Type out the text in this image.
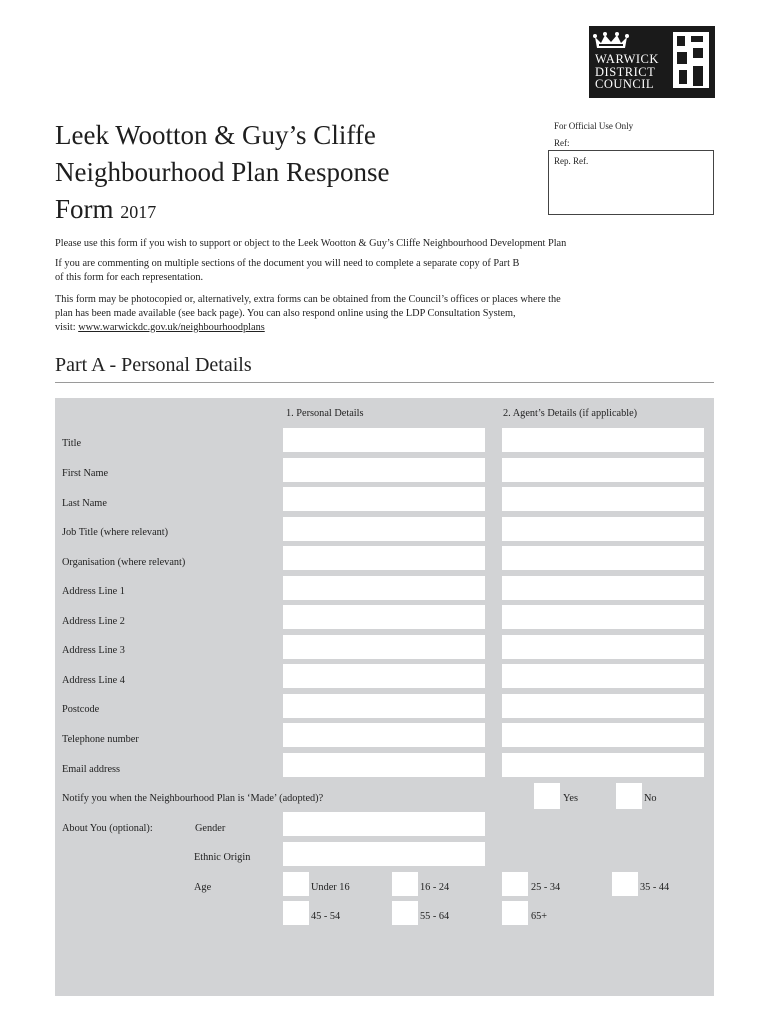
WARWICK
DISTRICT
COUNCIL
Leek Wootton & Guy’s Cliffe
Neighbourhood Plan Response
Form 2017
For Official Use Only
Ref:
Rep. Ref.
Please use this form if you wish to support or object to the Leek Wootton & Guy’s Cliffe Neighbourhood Development Plan
If you are commenting on multiple sections of the document you will need to complete a separate copy of Part B
of this form for each representation.
This form may be photocopied or, alternatively, extra forms can be obtained from the Council’s offices or places where the
plan has been made available (see back page). You can also respond online using the LDP Consultation System,
visit: www.warwickdc.gov.uk/neighbourhoodplans
Part A - Personal Details
1. Personal Details	2. Agent’s Details (if applicable)
Title
First Name
Last Name
Job Title (where relevant)
Organisation (where relevant)
Address Line 1
Address Line 2
Address Line 3
Address Line 4
Postcode
Telephone number
Email address
Notify you when the Neighbourhood Plan is ‘Made’ (adopted)?	Yes	No
About You (optional):	Gender
Ethnic Origin
Age	Under 16	16 - 24	25 - 34	35 - 44
45 - 54	55 - 64	65+
